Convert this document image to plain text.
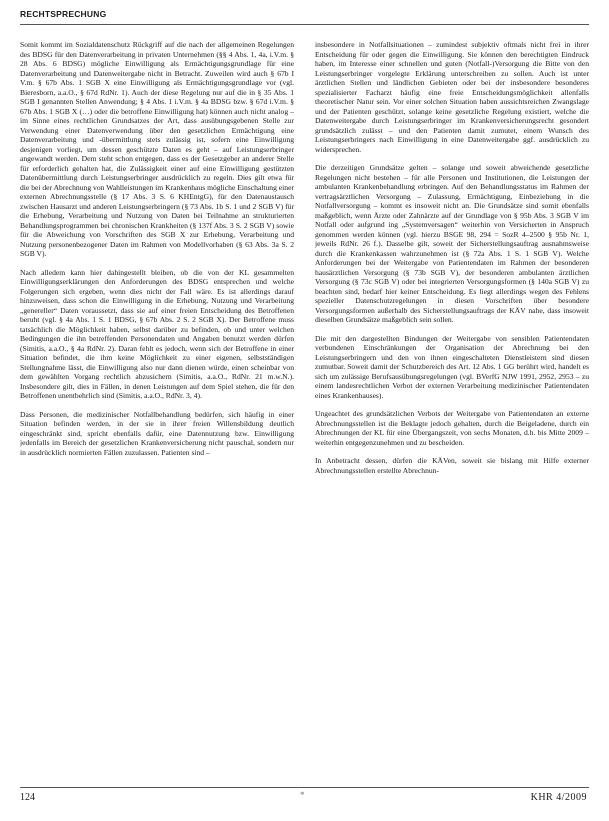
RECHTSPRECHUNG

Somit kommt im Sozialdatenschutz Rückgriff auf die nach der allgemeinen Regelungen des BDSG für den Datenverarbeitung in privaten Unternehmen (§§ 4 Abs. 1, 4a, i.V.m. § 28 Abs. 6 BDSG) mögliche Einwilligung als Ermächtigungsgrundlage für eine Datenverarbeitung und Datenweitergabe nicht in Betracht. Zuweilen wird auch § 67b I V.m. § 67b Abs. 1 SGB X eine Einwilligung als Ermächtigungsgrundlage vor (vgl. Bieresborn, a.a.O., § 67d RdNr. 1). Auch der diese Regelung nur auf die in § 35 Abs. 1 SGB I genannten Stellen Anwendung; § 4 Abs. 1 i.V.m. § 4a BDSG bzw. § 67d i.V.m. § 67b Abs. 1 SGB X (…) oder die betroffene Einwilligung hat) können auch nicht analog – im Sinne eines rechtlichen Grundsatzes der Art, dass ausübungsgebenen Stelle zur Verwendung einer Datenverwendung über den gesetzlichen Ermächtigung eine Datenverarbeitung und -übermittlung stets zulässig ist, sofern eine Einwilligung desjenigen vorliegt, um dessen geschützte Daten es geht – auf Leistungserbringer angewandt werden. Dem steht schon entgegen, dass es der Gesetzgeber an anderer Stelle für erforderlich gehalten hat, die Zulässigkeit einer auf eine Einwilligung gestützten Datenübermittlung durch Leistungserbringer ausdrücklich zu regeln. Dies gilt etwa für die bei der Abrechnung von Wahlleistungen im Krankenhaus mögliche Einschaltung einer externen Abrechnungsstelle (§ 17 Abs. 3 S. 6 KHEntgG), für den Datenaustausch zwischen Hausarzt und anderen Leistungserbringern (§ 73 Abs. 1b S. 1 und 2 SGB V) für die Erhebung, Verarbeitung und Nutzung von Daten bei Teilnahme an strukturierten Behandlungsprogrammen bei chronischen Krankheiten (§ 137f Abs. 3 S. 2 SGB V) sowie für die Abweichung von Vorschriften des SGB X zur Erhebung, Verarbeitung und Nutzung personenbezogener Daten im Rahmen von Modellvorhaben (§ 63 Abs. 3a S. 2 SGB V).

Nach alledem kann hier dahingestellt bleiben, ob die von der KL gesammelten Einwilligungserklärungen den Anforderungen des BDSG entsprechen und welche Folgerungen sich ergeben, wenn dies nicht der Fall wäre. Es ist allerdings darauf hinzuweisen, dass schon die Einwilligung in die Erhebung, Nutzung und Verarbeitung „genereller“ Daten voraussetzt, dass sie auf einer freien Entscheidung des Betroffenen beruht (vgl. § 4a Abs. 1 S. 1 BDSG, § 67b Abs. 2 S. 2 SGB X). Der Betroffene muss tatsächlich die Möglichkeit haben, selbst darüber zu befinden, ob und unter welchen Bedingungen die ihn betreffenden Personendaten und Angaben benutzt werden dürfen (Simitis, a.a.O., § 4a RdNr. 2). Daran fehlt es jedoch, wenn sich der Betroffene in einer Situation befindet, die ihm keine Möglichkeit zu einer eigenen, selbstständigen Stellungnahme lässt, die Einwilligung also nur dann dienen würde, einen scheinbar von dem gewählten Vorgang rechtlich abzusichern (Simitis, a.a.O., RdNr. 21 m.w.N.). Insbesondere gilt, dies in Fällen, in denen Leistungen auf dem Spiel stehen, die für den Betroffenen unentbehrlich sind (Simitis, a.a.O., RdNr. 3, 4).

Dass Personen, die medizinischer Notfallbehandlung bedürfen, sich häufig in einer Situation befinden werden, in der sie in ihrer freien Willensbildung deutlich eingeschränkt sind, spricht ebenfalls dafür, eine Datennutzung bzw. Einwilligung jedenfalls im Bereich der gesetzlichen Krankenversicherung nicht pauschal, sondern nur in ausdrücklich normierten Fällen zuzulassen. Patienten sind –

insbesondere in Notfallsituationen – zumindest subjektiv oftmals nicht frei in ihrer Entscheidung für oder gegen die Einwilligung. Sie können den berechtigten Eindruck haben, im Interesse einer schnellen und guten (Notfall-)Versorgung die Bitte von den Leistungserbringer vorgelegte Erklärung unterschreiben zu sollen. Auch ist unter ärztlichen Stellen und ländlichen Gebieten oder bei der insbesondere besonderes spezialisierter Facharzt häufig eine freie Entscheidungsmöglichkeit allenfalls theoretischer Natur sein. Vor einer solchen Situation haben aussichtsreichen Zwangslage und der Patienten geschützt, solange keine gesetzliche Regelung existiert, welche die Datenweitergabe durch Leistungserbringer im Krankenversicherungsrecht gesondert grundsätzlich zulässt – und den Patienten damit zumutet, einem Wunsch des Leistungserbringers nach Einwilligung in eine Datenweitergabe ggf. ausdrücklich zu widersprechen.

Die derzeitigen Grundsätze gelten – solange und soweit abweichende gesetzliche Regelungen nicht bestehen – für alle Personen und Institutionen, die Leistungen der ambulanten Krankenbehandlung erbringen. Auf den Behandlungsstatus im Rahmen der vertragsärztlichen Versorgung – Zulassung, Ermächtigung, Einbeziehung in die Notfallversorgung – kommt es insoweit nicht an. Die Grundsätze sind somit ebenfalls maßgeblich, wenn Ärzte oder Zahnärzte auf der Grundlage von § 95b Abs. 3 SGB V im Notfall oder aufgrund ing „Systemversagen“ weiterhin von Versicherten in Anspruch genommen werden können (vgl. hierzu BSGE 98, 294 = SozR 4–2500 § 95b Nr. 1, jeweils RdNr. 26 f.). Dasselbe gilt, soweit der Sicherstellungsauftrag ausnahmsweise durch die Krankenkassen wahrzunehmen ist (§ 72a Abs. 1 S. 1 SGB V). Welche Anforderungen bei der Weitergabe von Patientendaten im Rahmen der besonderen hausärztlichen Versorgung (§ 73b SGB V), der besonderen ambulanten ärztlichen Versorgung (§ 73c SGB V) oder bei integrierten Versorgungsformen (§ 140a SGB V) zu beachten sind, bedarf hier keiner Entscheidung. Es liegt allerdings wegen des Fehlens spezieller Datenschutzregelungen in diesen Vorschriften über besondere Versorgungsformen außerhalb des Sicherstellungsauftrags der KÄV nahe, dass insoweit dieselben Grundsätze maßgeblich sein sollen.

Die mit den dargestellten Bindungen der Weitergabe von sensiblen Patientendaten verbundenen Einschränkungen der Organisation der Abrechnung bei den Leistungserbringern und den von ihnen eingeschalteten Dienstleistern sind diesen zumutbar. Soweit damit der Schutzbereich des Art. 12 Abs. 1 GG berührt wird, handelt es sich um zulässige Berufsausübungsregelungen (vgl. BVerfG NJW 1991, 2952, 2953 – zu einem landesrechtlichen Verbot der externen Verarbeitung medizinischer Patientendaten eines Krankenhauses).

Ungeachtet des grundsätzlichen Verbots der Weitergabe von Patientendaten an externe Abrechnungsstellen ist die Beklagte jedoch gehalten, durch die Beigeladene, durch ein Abrechnungen der KL für eine Übergangszeit, von sechs Monaten, d.h. bis Mitte 2009 – weiterhin entgegenzunehmen und zu bescheiden.

In Anbetracht dessen, dürfen die KÄVen, soweit sie bislang mit Hilfe externer Abrechnungsstellen erstellte Abrechnun-

124	*	KHR 4/2009
